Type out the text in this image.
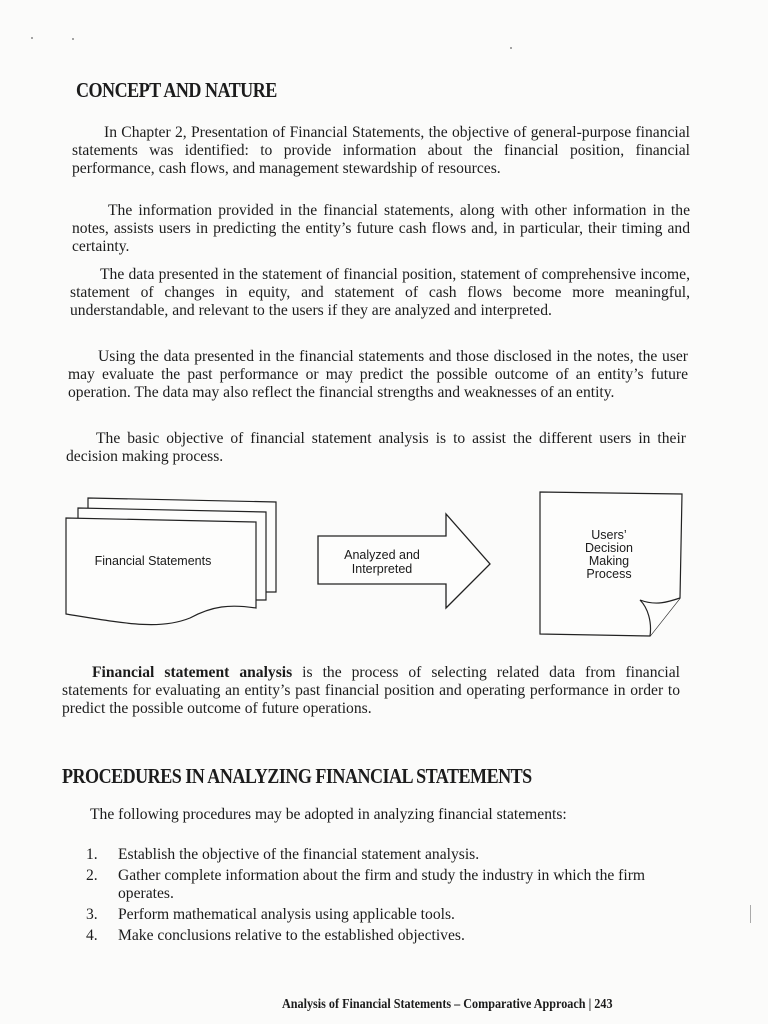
CONCEPT AND NATURE

In Chapter 2, Presentation of Financial Statements, the objective of general-purpose financial statements was identified: to provide information about the financial position, financial performance, cash flows, and management stewardship of resources.

The information provided in the financial statements, along with other information in the notes, assists users in predicting the entity’s future cash flows and, in particular, their timing and certainty.

The data presented in the statement of financial position, statement of comprehensive income, statement of changes in equity, and statement of cash flows become more meaningful, understandable, and relevant to the users if they are analyzed and interpreted.

Using the data presented in the financial statements and those disclosed in the notes, the user may evaluate the past performance or may predict the possible outcome of an entity’s future operation. The data may also reflect the financial strengths and weaknesses of an entity.

The basic objective of financial statement analysis is to assist the different users in their decision making process.

Financial Statements	Analyzed and
Interpreted
Users’
Decision
Making
Process

Financial statement analysis is the process of selecting related data from financial statements for evaluating an entity’s past financial position and operating performance in order to predict the possible outcome of future operations.

PROCEDURES IN ANALYZING FINANCIAL STATEMENTS

The following procedures may be adopted in analyzing financial statements:

1. Establish the objective of the financial statement analysis.
2. Gather complete information about the firm and study the industry in which the firm operates.
3. Perform mathematical analysis using applicable tools.
4. Make conclusions relative to the established objectives.
Analysis of Financial Statements – Comparative Approach | 243
